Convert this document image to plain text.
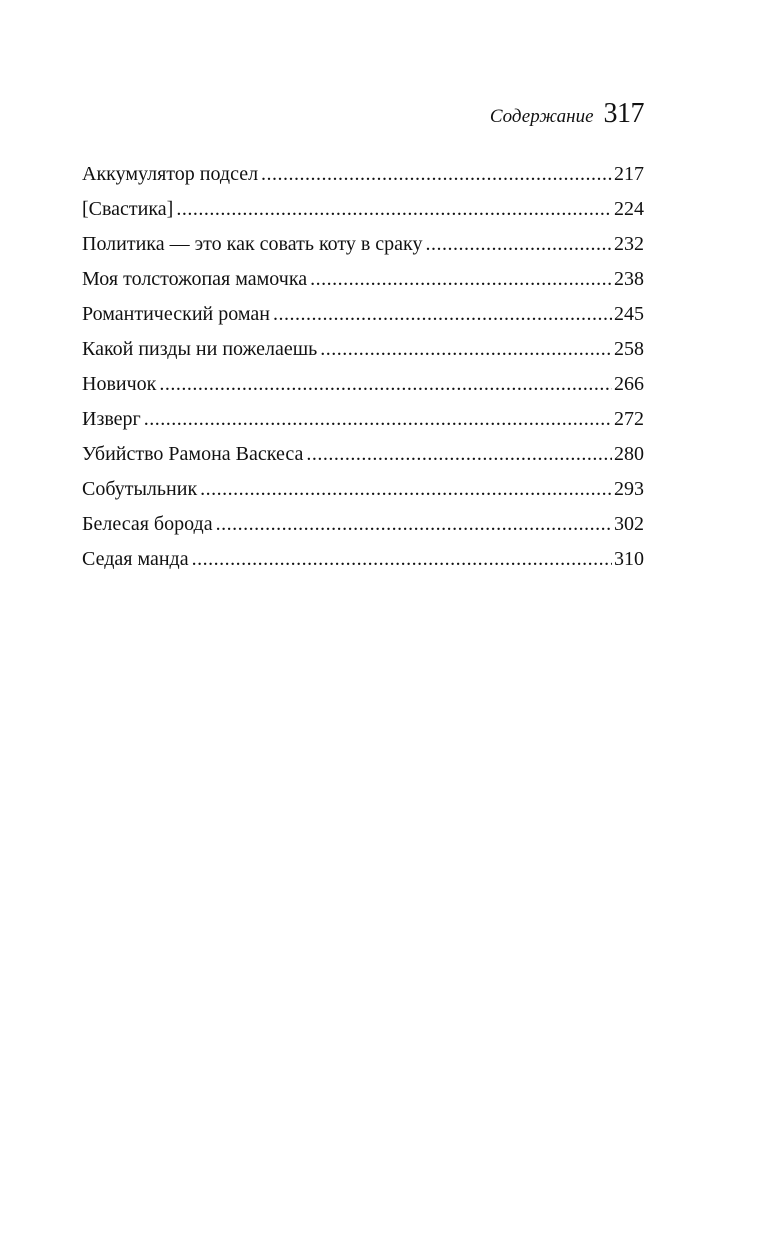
Содержание 317
Аккумулятор подсел .....	217
[Свастика] .....	224
Политика — это как совать коту в сраку .....	232
Моя толстожопая мамочка .....	238
Романтический роман .....	245
Какой пизды ни пожелаешь .....	258
Новичок .....	266
Изверг .....	272
Убийство Рамона Васкеса .....	280
Собутыльник .....	293
Белесая борода .....	302
Седая манда .....	310
